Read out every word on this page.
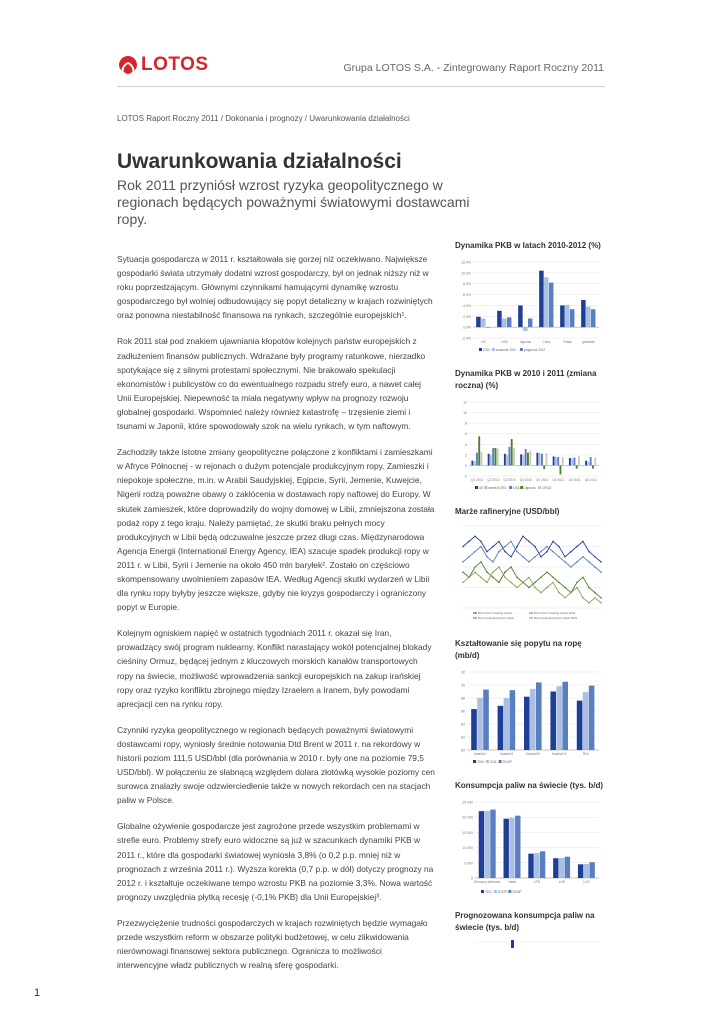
LOTOS	Grupa LOTOS S.A. - Zintegrowany Raport Roczny 2011
LOTOS Raport Roczny 2011 / Dokonania i prognozy / Uwarunkowania działalności
Uwarunkowania działalności

Rok 2011 przyniósł wzrost ryzyka geopolitycznego w regionach będących poważnymi światowymi dostawcami ropy.

Sytuacja gospodarcza w 2011 r. kształtowała się gorzej niż oczekiwano. Największe gospodarki świata utrzymały dodatni wzrost gospodarczy, był on jednak niższy niż w roku poprzedzającym. Głównymi czynnikami hamującymi dynamikę wzrostu gospodarczego był wolniej odbudowujący się popyt detaliczny w krajach rozwiniętych oraz ponowna niestabilność finansowa na rynkach, szczególnie europejskich¹.

Rok 2011 stał pod znakiem ujawniania kłopotów kolejnych państw europejskich z zadłużeniem finansów publicznych. Wdrażane były programy ratunkowe, nierzadko spotykające się z silnymi protestami społecznymi. Nie brakowało spekulacji ekonomistów i publicystów co do ewentualnego rozpadu strefy euro, a nawet całej Unii Europejskiej. Niepewność ta miała negatywny wpływ na prognozy rozwoju globalnej gospodarki. Wspomnieć należy również katastrofę – trzęsienie ziemi i tsunami w Japonii, które spowodowały szok na wielu rynkach, w tym naftowym.

Zachodziły także istotne zmiany geopolityczne połączone z konfliktami i zamieszkami w Afryce Północnej - w rejonach o dużym potencjale produkcyjnym ropy. Zamieszki i niepokoje społeczne, m.in. w Arabii Saudyjskiej, Egipcie, Syrii, Jemenie, Kuwejcie, Nigerii rodzą poważne obawy o zakłócenia w dostawach ropy naftowej do Europy. W skutek zamieszek, które doprowadziły do wojny domowej w Libii, zmniejszona została podaż ropy z tego kraju. Należy pamiętać, że skutki braku pełnych mocy produkcyjnych w Libii będą odczuwalne jeszcze przez długi czas. Międzynarodowa Agencja Energii (International Energy Agency, IEA) szacuje spadek produkcji ropy w 2011 r. w Libii, Syrii i Jemenie na około 450 mln baryłek². Zostało on częściowo skompensowany uwolnieniem zapasów IEA. Według Agencji skutki wydarzeń w Libii dla rynku ropy byłyby jeszcze większe, gdyby nie kryzys gospodarczy i ograniczony popyt w Europie.

Kolejnym ogniskiem napięć w ostatnich tygodniach 2011 r. okazał się Iran, prowadzący swój program nuklearny. Konflikt narastający wokół potencjalnej blokady cieśniny Ormuz, będącej jednym z kluczowych morskich kanałów transportowych ropy na świecie, możliwość wprowadzenia sankcji europejskich na zakup irańskiej ropy oraz ryzyko konfliktu zbrojnego między Izraelem a Iranem, były powodami aprecjacji cen na rynku ropy.

Czynniki ryzyka geopolitycznego w regionach będących poważnymi światowymi dostawcami ropy, wyniosły średnie notowania Dtd Brent w 2011 r. na rekordowy w historii poziom 111,5 USD/bbl (dla porównania w 2010 r. były one na poziomie 79,5 USD/bbl). W połączeniu ze słabnącą względem dolara złotówką wysokie poziomy cen surowca znalazły swoje odzwierciedlenie także w nowych rekordach cen na stacjach paliw w Polsce.

Globalne ożywienie gospodarcze jest zagrożone przede wszystkim problemami w strefie euro. Problemy strefy euro widoczne są już w szacunkach dynamiki PKB w 2011 r., które dla gospodarki światowej wyniosła 3,8% (o 0,2 p.p. mniej niż w prognozach z września 2011 r.). Wyższa korekta (0,7 p.p. w dół) dotyczy prognozy na 2012 r. i kształtuje oczekiwane tempo wzrostu PKB na poziomie 3,3%. Nowa wartość prognozy uwzględnia płytką recesję (-0,1% PKB) dla Unii Europejskiej³.

Przezwyciężenie trudności gospodarczych w krajach rozwiniętych będzie wymagało przede wszystkim reform w obszarze polityki budżetowej, w celu zlikwidowania nierównowagi finansowej sektora publicznego. Ogranicza to możliwości interwencyjne władz publicznych w realną sferę gospodarki.

Dynamika PKB w latach 2010-2012 (%)
12,0%
10,0%
8,0%
6,0%
4,0%
2,0%
0,0%
-2,0%
UE	USA	Japonia	Chiny	Rosja	globalnie
2010 szacunki 2011 prognoza 2012
Dynamika PKB w 2010 i 2011 (zmiana roczna) (%)
12
10
8
6
4
2
0
-2
Q1 2010 Q2 2010 Q3 2010 Q4 2010 Q1 2011 Q2 2011 Q3 2011 Q4 2011
UE strefa EURO USA Japonia OECD
Marże rafineryjne (USD/bbl)
Brent FCC Cracking margin	Brent FCC Cracking margin 2010
Brent Hydroskimming margin	Brent Hydroskimming margin 2010
Kształtowanie się popytu na ropę (mb/d)
92
90
88
86
84
82
80
Kwartał I	Kwartał II	Kwartał III	Kwartał IV	Rok
2010 2011 2012P
Konsumpcja paliw na świecie (tys. b/d)
25 000
20 000
15 000
10 000
5 000
0
Benzyny silnikowe Nafta	LPG	LHS	LCO
2011 2012P 2016P
Prognozowana konsumpcja paliw na świecie (tys. b/d)
1
